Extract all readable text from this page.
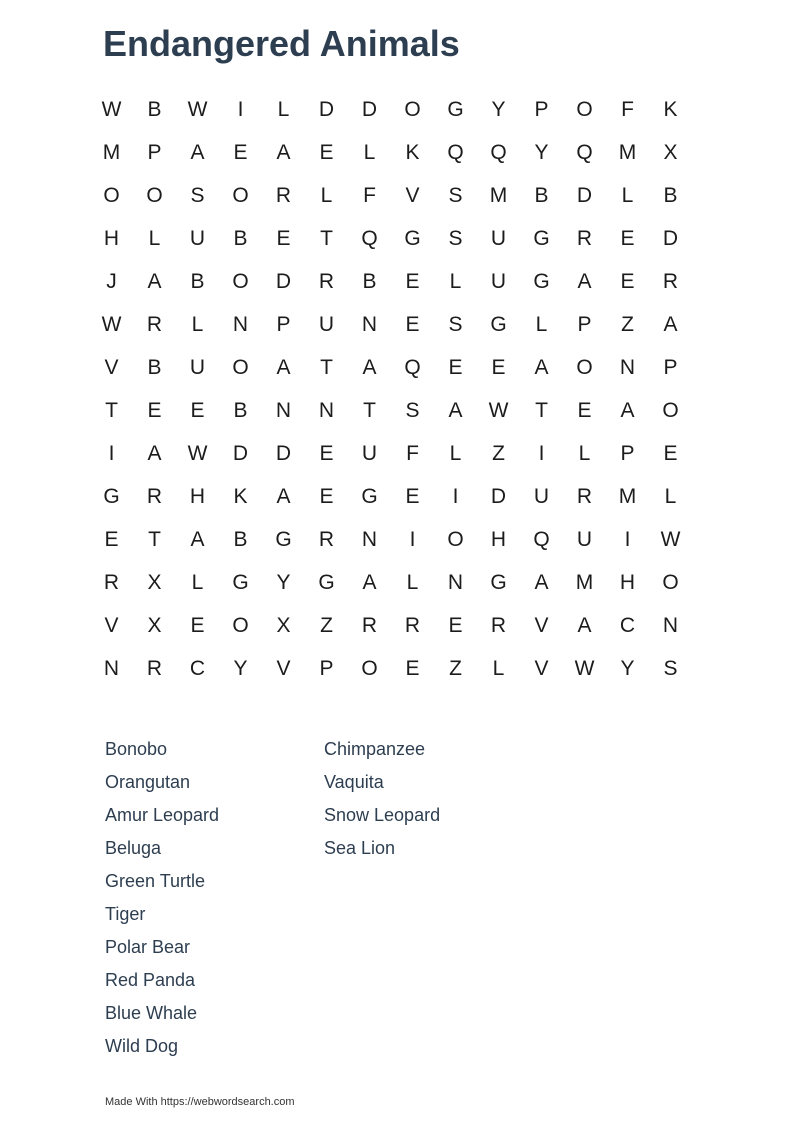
Endangered Animals
W	B	W	I	L	D	D	O	G	Y	P	O	F	K
M	P	A	E	A	E	L	K	Q	Q	Y	Q	M	X
O	O	S	O	R	L	F	V	S	M	B	D	L	B
H	L	U	B	E	T	Q	G	S	U	G	R	E	D
J	A	B	O	D	R	B	E	L	U	G	A	E	R
W	R	L	N	P	U	N	E	S	G	L	P	Z	A
V	B	U	O	A	T	A	Q	E	E	A	O	N	P
T	E	E	B	N	N	T	S	A	W	T	E	A	O
I	A	W	D	D	E	U	F	L	Z	I	L	P	E
G	R	H	K	A	E	G	E	I	D	U	R	M	L
E	T	A	B	G	R	N	I	O	H	Q	U	I	W
R	X	L	G	Y	G	A	L	N	G	A	M	H	O
V	X	E	O	X	Z	R	R	E	R	V	A	C	N
N	R	C	Y	V	P	O	E	Z	L	V	W	Y	S
Bonobo
Orangutan
Amur Leopard
Beluga
Green Turtle
Tiger
Polar Bear
Red Panda
Blue Whale
Wild Dog
Chimpanzee
Vaquita
Snow Leopard
Sea Lion
Made With https://webwordsearch.com
